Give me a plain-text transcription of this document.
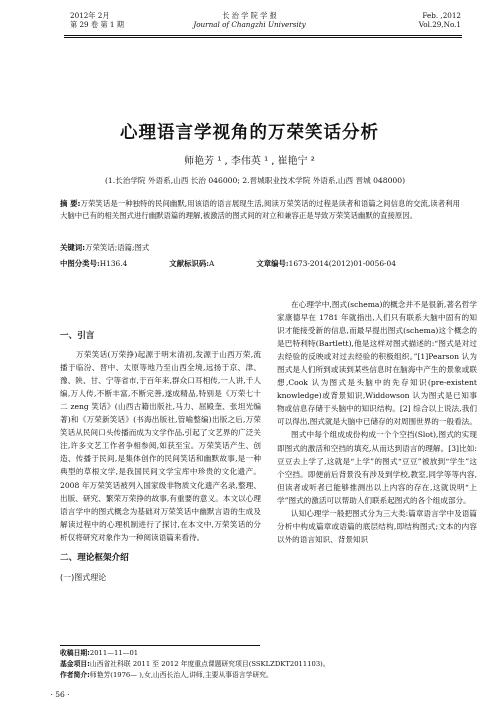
2012年 2月
第 29 卷 第 1 期
长 治 学 院 学 报
Journal of Changzhi University
Feb. ,2012
Vol.29,No.1
心理语言学视角的万荣笑话分析
师艳芳 ¹ , 李伟英 ¹ , 崔艳宁 ²
(1.长治学院 外语系,山西 长治 046000; 2.晋城职业技术学院 外语系,山西 晋城 048000)
摘 要:万荣笑话是一种独特的民间幽默,用该语的语言展现生活,阅读万荣笑话的过程是读者和语篇之间信息的交流,读者利用大脑中已有的相关图式进行幽默语篇的理解,被激活的图式间的对立和兼容正是导致万荣笑话幽默的直接原因。
关键词:万荣笑话;语篇;图式
中图分类号:H136.4	文献标识码:A	文章编号:1673-2014(2012)01-0056-04
一、引言

万荣笑话(万荣挣)起源于明末清初,发源于山西万荣,流播于临汾、晋中、太原等地乃至山西全境,远扬于京、津、豫、陕、甘、宁等省市,于百年来,群众口耳相传,一人讲,千人编,万人传,不断丰富,不断完善,遂成精品,特别是《万荣七十二 zeng 笑话》(山西古籍出版社,马力、屈殿奎、张坦光编著)和《万荣新笑话》(书海出版社,管喻整编)出版之后,万荣笑话从民间口头传播而成为文学作品,引起了文艺界的广泛关注,许多文艺工作者争相参阅,如获至宝。万荣笑话产生、创造、传播于民间,是集体创作的民间笑话和幽默故事,是一种典型的草根文学,是我国民间文学宝库中珍贵的文化遗产。2008 年万荣笑话被列入国家级非物质文化遗产名录,整理、出版、研究、繁荣万荣挣的故事,有重要的意义。本文以心理语言学中的图式概念为基础对万荣笑话中幽默言语的生成及解读过程中的心理机制进行了探讨,在本文中,万荣笑话的分析仅将研究对象作为一种阅读语篇来看待。

二、理论框架介绍
(一)图式理论

在心理学中,图式(schema)的概念并不是很新,著名哲学家康德早在 1781 年就指出,人们只有联系大脑中固有的知识才能接受新的信息,而最早提出图式(schema)这个概念的是巴特利特(Bartlett),他是这样对图式描述的:“图式是对过去经验的反映或对过去经验的积极组织。”[1]Pearson 认为图式是人们所到或读到某些信息时在脑海中产生的景象或联想,Cook 认为图式是头脑中的先存知识(pre-existent knowledge)或背景知识,Widdowson 认为图式是已知事物或信息存储于头脑中的知识结构。[2] 综合以上说法,我们可以得出,图式就是大脑中已储存的对周围世界的一般看法。

图式中每个组成成份构成一个个空挡(Slot),图式的实现即图式的激活和空挡的填充,从而达到语言的理解。[3]比如:豆豆去上学了,这就是“上学”的图式“豆豆”被放到“学生”这个空挡。即便前后背景没有涉及到学校,教室,同学等等内容,但读者或听者已能够推测出以上内容的存在,这就说明“上学”图式的激活可以帮助人们联系起图式的各个组成部分。

认知心理学一般把图式分为三大类:篇章语言学中及语篇分析中构成篇章或语篇的底层结构,即结构图式;文本的内容以外的语言知识、背景知识

收稿日期:2011—11—01
基金项目:山西省社科联 2011 至 2012 年度重点课题研究项目(SSKLZDKT2011103)。
作者简介:师艳芳(1976— ),女,山西长治人,讲师,主要从事语言学研究。
· 56 ·
